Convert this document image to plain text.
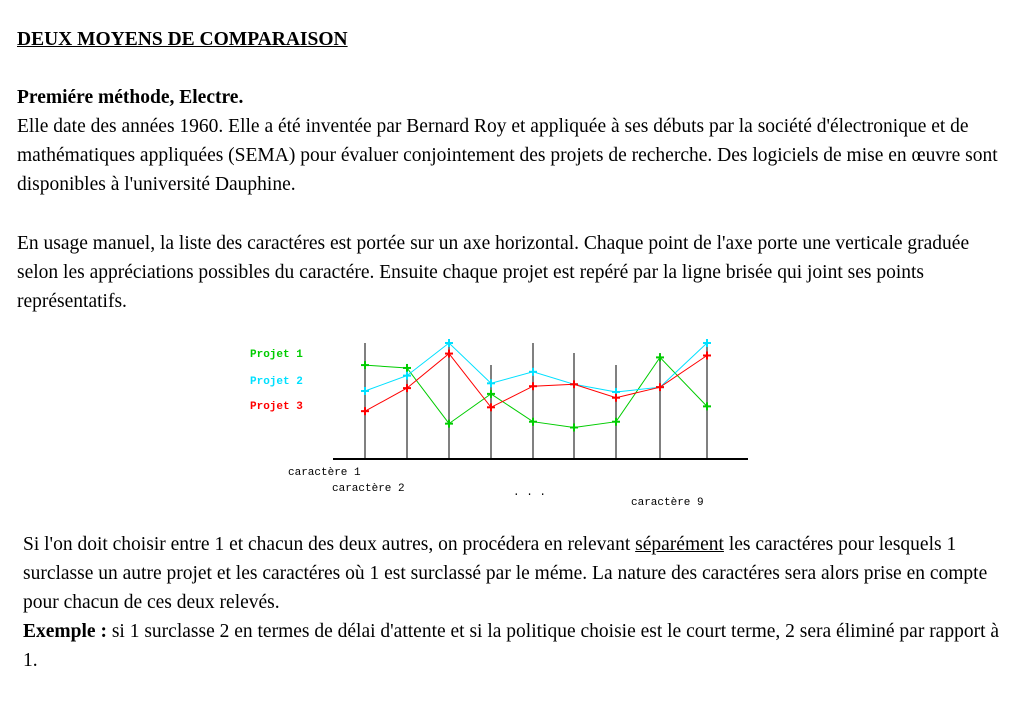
DEUX MOYENS DE COMPARAISON
Premiére méthode, Electre.
Elle date des années 1960. Elle a été inventée par Bernard Roy et appliquée à ses débuts par la société d'électronique et de mathématiques appliquées (SEMA) pour évaluer conjointement des projets de recherche. Des logiciels de mise en œuvre sont disponibles à l'université Dauphine.
En usage manuel, la liste des caractéres est portée sur un axe horizontal. Chaque point de l'axe porte une verticale graduée selon les appréciations possibles du caractére. Ensuite chaque projet est repéré par la ligne brisée qui joint ses points représentatifs.
Projet 1
Projet 2
Projet 3
caractère 1
caractère 2	. . .
caractère 9
Si l'on doit choisir entre 1 et chacun des deux autres, on procédera en relevant séparément les caractéres pour lesquels 1 surclasse un autre projet et les caractéres où 1 est surclassé par le méme. La nature des caractéres sera alors prise en compte pour chacun de ces deux relevés.
Exemple : si 1 surclasse 2 en termes de délai d'attente et si la politique choisie est le court terme, 2 sera éliminé par rapport à 1.
